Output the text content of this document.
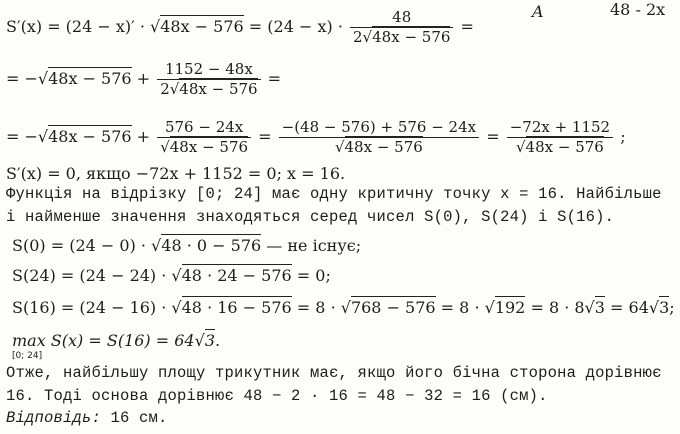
A	48 - 2x
$S'(x) = (24 - x)' \cdot √48x - 576 = (24 - x) \cdot \frac{48}{2√48x - 576}$ =
= $-√48x - 576 + \frac{1152 - 48x}{2√48x - 576}$ =
= $-√48x - 576 + \frac{576 - 24x}{√48x - 576} = \frac{-(48 - 576) + 576 - 24x}{√48x - 576} = \frac{-72x + 1152}{√48x - 576}$ ;
S′(x) = 0, якщо −72x + 1152 = 0; x = 16.
Функція на відрізку [0; 24] має одну критичну точку x = 16. Найбільше
і найменше значення знаходяться серед чисел S(0), S(24) і S(16).
S(0) = (24 − 0) · √48 · 0 − 576 — не існує;
S(24) = (24 − 24) · √48 · 24 − 576 = 0;
S(16) = (24 − 16) · √48 · 16 − 576 = 8 · √768 − 576 = 8 · √192 = 8 · 8√3 = 64√3;
max S(x) = S(16) = 64√3.
[0; 24]
Отже, найбільшу площу трикутник має, якщо його бічна сторона дорівнює
16. Тоді основа дорівнює 48 − 2 · 16 = 48 − 32 = 16 (см).
Відповідь: 16 см.
